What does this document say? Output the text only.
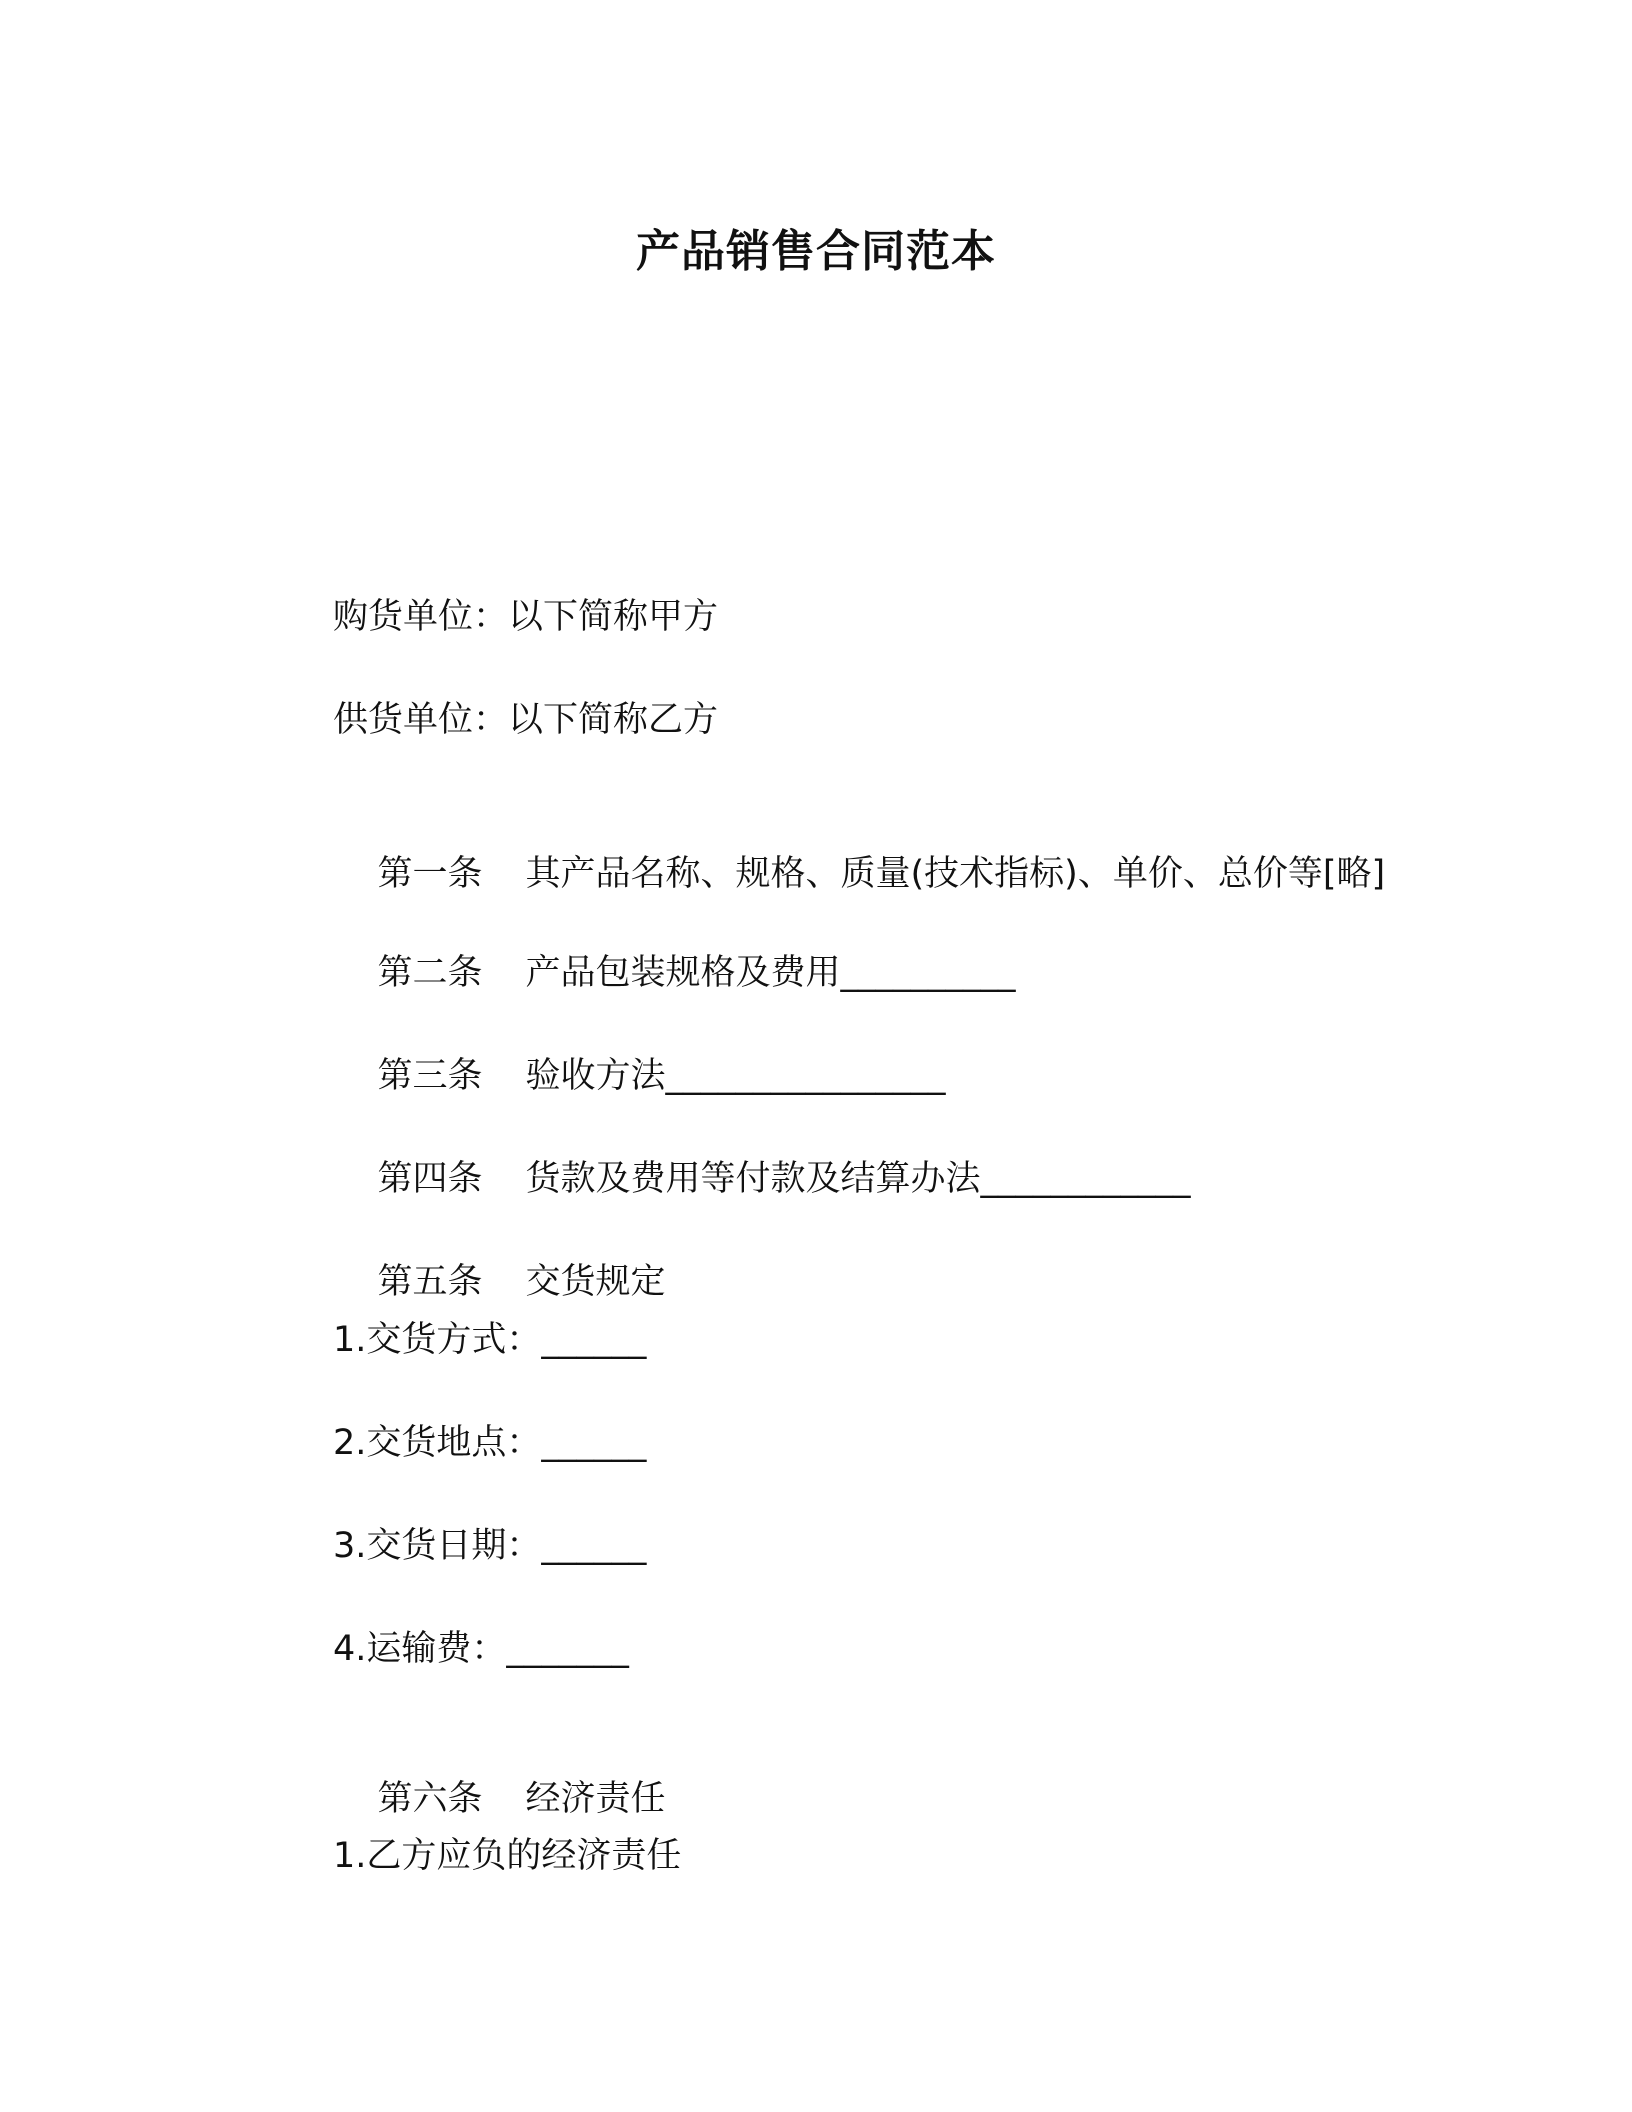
产品销售合同范本
购货单位：以下简称甲方
供货单位：以下简称乙方

第一条 其产品名称、规格、质量(技术指标)、单价、总价等[略]

第二条 产品包装规格及费用__________

第三条 验收方法________________

第四条 货款及费用等付款及结算办法____________

第五条 交货规定

1.交货方式：______
2.交货地点：______
3.交货日期：______
4.运输费：_______

第六条 经济责任

1.乙方应负的经济责任
